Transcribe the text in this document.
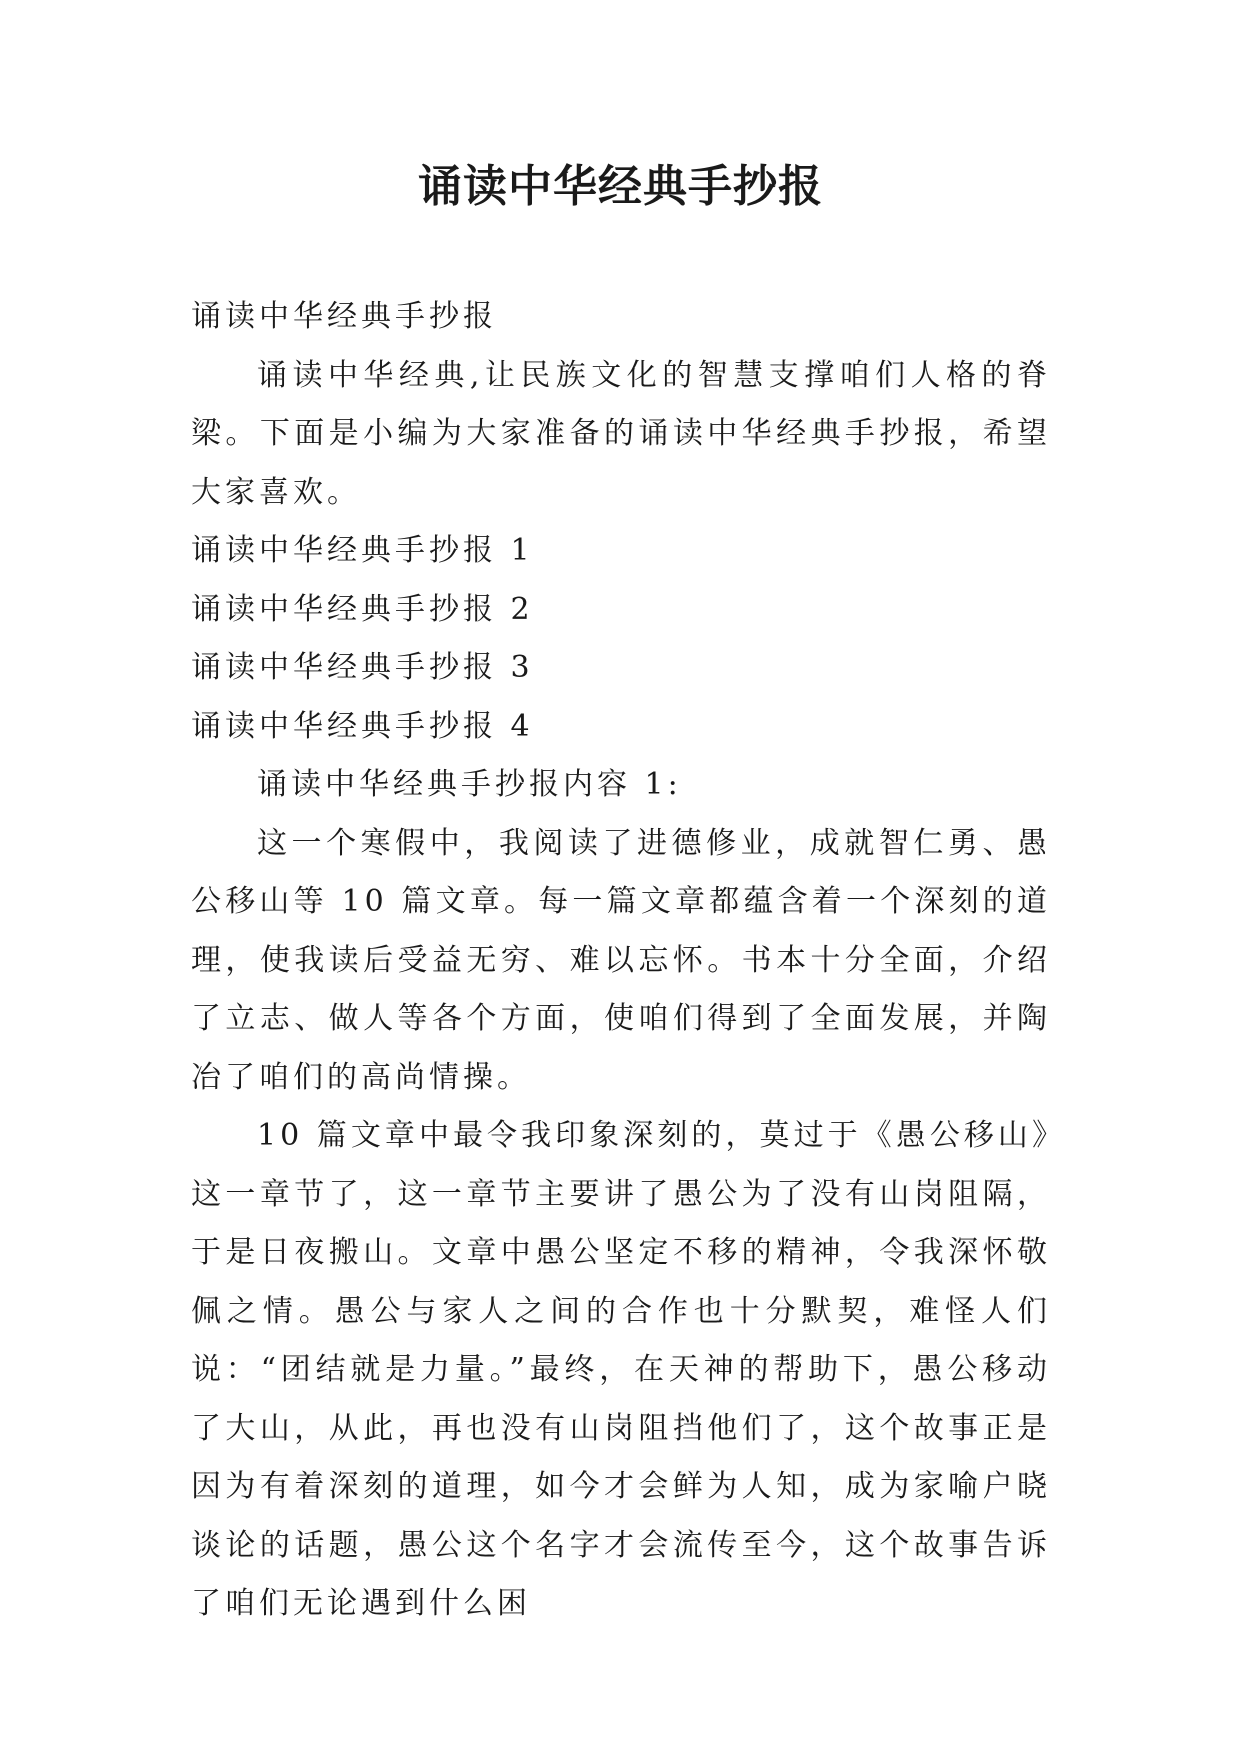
诵读中华经典手抄报

诵读中华经典手抄报

诵读中华经典,让民族文化的智慧支撑咱们人格的脊梁。下面是小编为大家准备的诵读中华经典手抄报，希望大家喜欢。

诵读中华经典手抄报 1

诵读中华经典手抄报 2

诵读中华经典手抄报 3

诵读中华经典手抄报 4

诵读中华经典手抄报内容 1:

这一个寒假中，我阅读了进德修业，成就智仁勇、愚公移山等 10 篇文章。每一篇文章都蕴含着一个深刻的道理，使我读后受益无穷、难以忘怀。书本十分全面，介绍了立志、做人等各个方面，使咱们得到了全面发展，并陶冶了咱们的高尚情操。

10 篇文章中最令我印象深刻的，莫过于《愚公移山》这一章节了，这一章节主要讲了愚公为了没有山岗阻隔，于是日夜搬山。文章中愚公坚定不移的精神，令我深怀敬佩之情。愚公与家人之间的合作也十分默契，难怪人们说：“团结就是力量。”最终，在天神的帮助下，愚公移动了大山，从此，再也没有山岗阻挡他们了，这个故事正是因为有着深刻的道理，如今才会鲜为人知，成为家喻户晓谈论的话题，愚公这个名字才会流传至今，这个故事告诉了咱们无论遇到什么困
